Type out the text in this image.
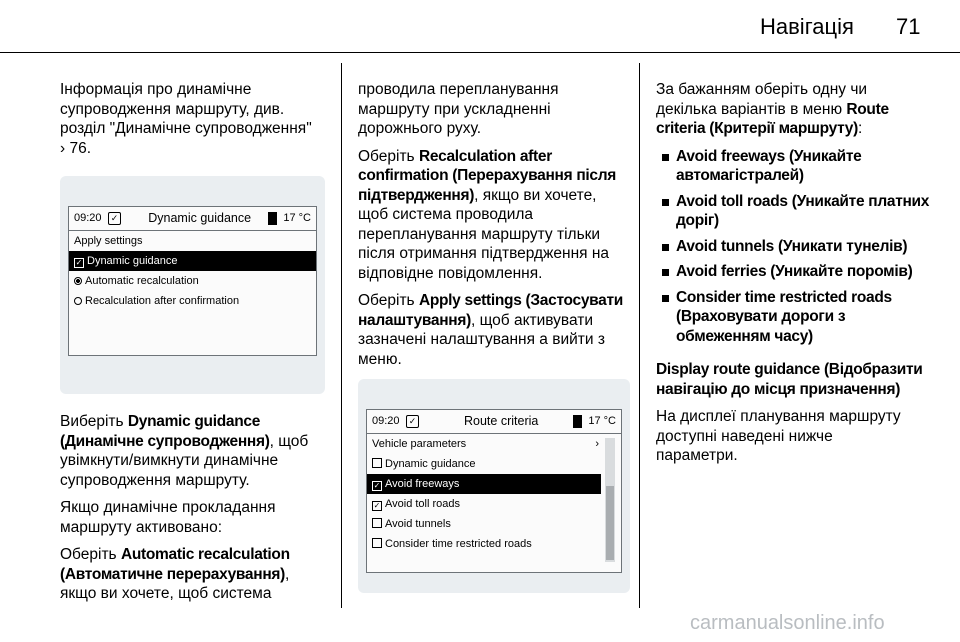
Навігація 71

Інформація про динамічне
супроводження маршруту, див.
розділ "Динамічне супроводження"
› 76.

09:20	✓	Dynamic guidance	17 °C
Apply settings
✓ Dynamic guidance
Automatic recalculation
Recalculation after confirmation

Виберіть Dynamic guidance
(Динамічне супроводження), щоб
увімкнути/вимкнути динамічне
супроводження маршруту.

Якщо динамічне прокладання
маршруту активовано:

Оберіть Automatic recalculation
(Автоматичне перерахування),
якщо ви хочете, щоб система

проводила перепланування
маршруту при ускладненні
дорожнього руху.

Оберіть Recalculation after
confirmation (Перерахування після
підтвердження), якщо ви хочете,
щоб система проводила
перепланування маршруту тільки
після отримання підтвердження на
відповідне повідомлення.

Оберіть Apply settings (Застосувати
налаштування), щоб активувати
зазначені налаштування а вийти з
меню.

09:20	✓	Route criteria	17 °C
Vehicle parameters	›
Dynamic guidance
✓ Avoid freeways
✓ Avoid toll roads
Avoid tunnels
Consider time restricted roads

За бажанням оберіть одну чи
декілька варіантів в меню Route
criteria (Критерії маршруту):

Avoid freeways (Уникайте
автомагістралей)
Avoid toll roads (Уникайте платних
доріг)
Avoid tunnels (Уникати тунелів)
Avoid ferries (Уникайте поромів)
Consider time restricted roads
(Враховувати дороги з
обмеженням часу)

Display route guidance (Відобразити
навігацію до місця призначення)

На дисплеї планування маршруту
доступні наведені нижче
параметри.

carmanualsonline.info
